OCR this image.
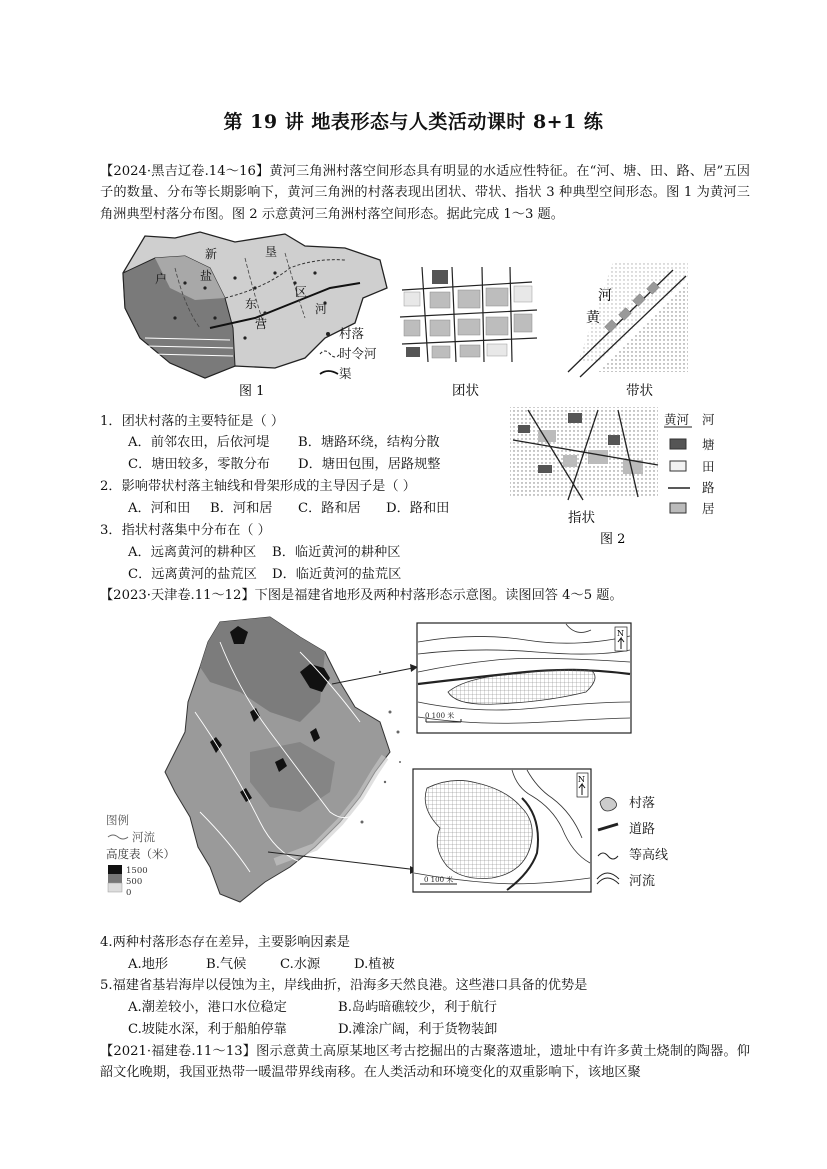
第 19 讲 地表形态与人类活动课时 8+1 练
【2024·黑吉辽卷.14～16】黄河三角洲村落空间形态具有明显的水适应性特征。在“河、塘、田、路、居”五因子的数量、分布等长期影响下，黄河三角洲的村落表现出团状、带状、指状 3 种典型空间形态。图 1 为黄河三角洲典型村落分布图。图 2 示意黄河三角洲村落空间形态。据此完成 1～3 题。
新
户	盐
垦
东
营
区
河
村落
时令河
渠
图 1	团状
河
黄
带状
指状
图 2
黄河 河
塘
田
路
居
1．团状村落的主要特征是（ ）
A．前邻农田，后依河堤 B．塘路环绕，结构分散
C．塘田较多，零散分布 D．塘田包围，居路规整
2．影响带状村落主轴线和骨架形成的主导因子是（ ）
A．河和田 B．河和居 C．路和居 D．路和田
3．指状村落集中分布在（ ）
A．远离黄河的耕种区 B．临近黄河的耕种区
C．远离黄河的盐荒区 D．临近黄河的盐荒区
【2023·天津卷.11～12】下图是福建省地形及两种村落形态示意图。读图回答 4～5 题。
图例
河流
高度表（米）
1500
500
0
0 100 米
N
0 100 米
N
村落
道路
等高线
河流
4.两种村落形态存在差异，主要影响因素是
A.地形	B.气候	C.水源	D.植被
5.福建省基岩海岸以侵蚀为主，岸线曲折，沿海多天然良港。这些港口具备的优势是
A.潮差较小，港口水位稳定	B.岛屿暗礁较少，利于航行
C.坡陡水深，利于船舶停靠	D.滩涂广阔，利于货物装卸
【2021·福建卷.11～13】图示意黄土高原某地区考古挖掘出的古聚落遗址，遗址中有许多黄土烧制的陶器。仰韶文化晚期，我国亚热带一暖温带界线南移。在人类活动和环境变化的双重影响下，该地区聚
